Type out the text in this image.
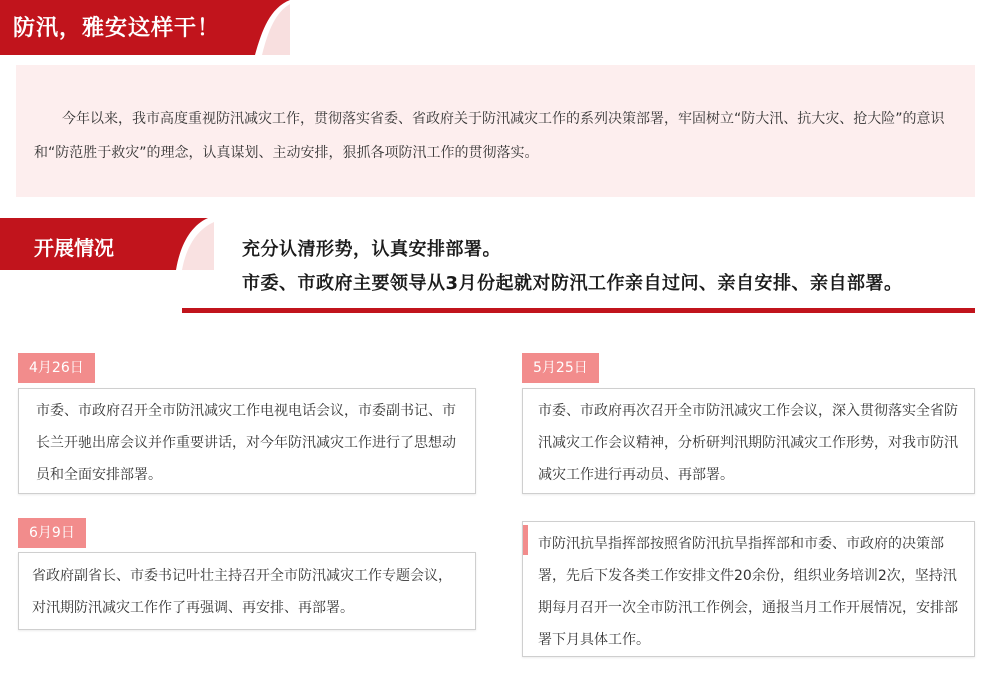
防汛，雅安这样干！

今年以来，我市高度重视防汛减灾工作，贯彻落实省委、省政府关于防汛减灾工作的系列决策部署，牢固树立“防大汛、抗大灾、抢大险”的意识和“防范胜于救灾”的理念，认真谋划、主动安排，狠抓各项防汛工作的贯彻落实。

开展情况	充分认清形势，认真安排部署。
市委、市政府主要领导从3月份起就对防汛工作亲自过问、亲自安排、亲自部署。
4月26日

市委、市政府召开全市防汛减灾工作电视电话会议，市委副书记、市长兰开驰出席会议并作重要讲话，对今年防汛减灾工作进行了思想动员和全面安排部署。

5月25日

市委、市政府再次召开全市防汛减灾工作会议，深入贯彻落实全省防汛减灾工作会议精神，分析研判汛期防汛减灾工作形势，对我市防汛减灾工作进行再动员、再部署。

6月9日

省政府副省长、市委书记叶壮主持召开全市防汛减灾工作专题会议，对汛期防汛减灾工作作了再强调、再安排、再部署。

市防汛抗旱指挥部按照省防汛抗旱指挥部和市委、市政府的决策部署，先后下发各类工作安排文件20余份，组织业务培训2次，坚持汛期每月召开一次全市防汛工作例会，通报当月工作开展情况，安排部署下月具体工作。
